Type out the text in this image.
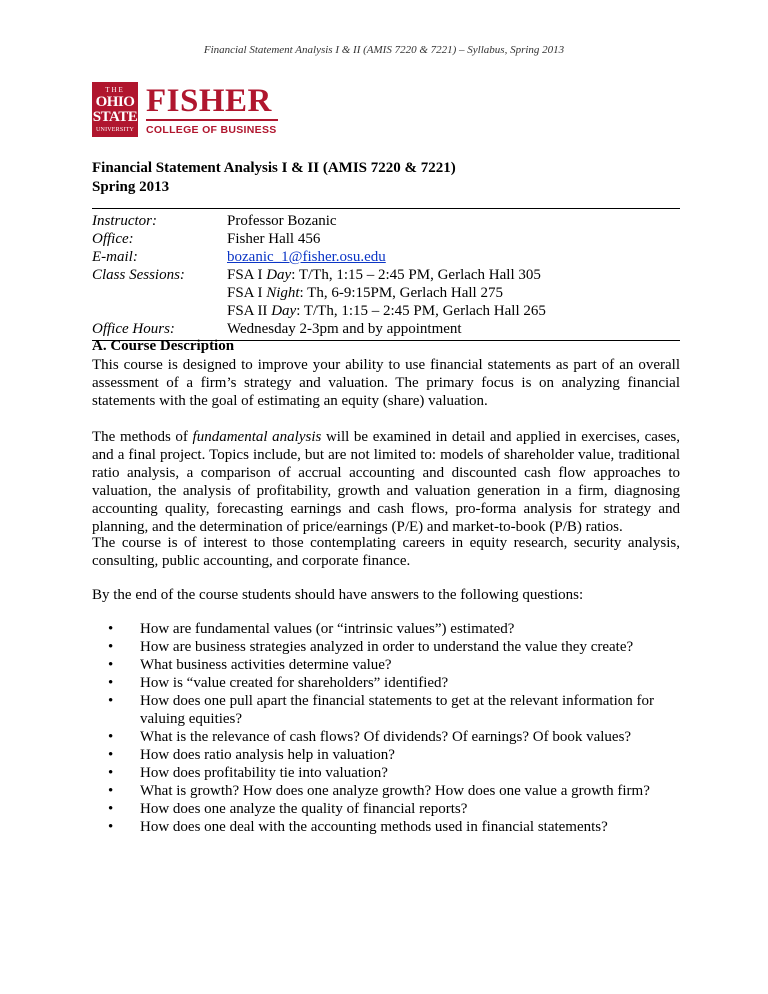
Financial Statement Analysis I & II (AMIS 7220 & 7221) – Syllabus, Spring 2013
THE
OHIO
STATE
UNIVERSITY
FISHER
COLLEGE OF BUSINESS
Financial Statement Analysis I & II (AMIS 7220 & 7221)
Spring 2013
Instructor:	Professor Bozanic
Office:	Fisher Hall 456
E-mail:	bozanic_1@fisher.osu.edu
Class Sessions:	FSA I Day: T/Th, 1:15 – 2:45 PM, Gerlach Hall 305
FSA I Night: Th, 6-9:15PM, Gerlach Hall 275
FSA II Day: T/Th, 1:15 – 2:45 PM, Gerlach Hall 265
Office Hours:	Wednesday 2-3pm and by appointment
A. Course Description
This course is designed to improve your ability to use financial statements as part of an overall assessment of a firm’s strategy and valuation. The primary focus is on analyzing financial statements with the goal of estimating an equity (share) valuation.
The methods of fundamental analysis will be examined in detail and applied in exercises, cases, and a final project. Topics include, but are not limited to: models of shareholder value, traditional ratio analysis, a comparison of accrual accounting and discounted cash flow approaches to valuation, the analysis of profitability, growth and valuation generation in a firm, diagnosing accounting quality, forecasting earnings and cash flows, pro-forma analysis for strategy and planning, and the determination of price/earnings (P/E) and market-to-book (P/B) ratios.
The course is of interest to those contemplating careers in equity research, security analysis, consulting, public accounting, and corporate finance.
By the end of the course students should have answers to the following questions:
• How are fundamental values (or “intrinsic values”) estimated?
• How are business strategies analyzed in order to understand the value they create?
• What business activities determine value?
• How is “value created for shareholders” identified?
• How does one pull apart the financial statements to get at the relevant information for valuing equities?
• What is the relevance of cash flows? Of dividends? Of earnings? Of book values?
• How does ratio analysis help in valuation?
• How does profitability tie into valuation?
• What is growth? How does one analyze growth? How does one value a growth firm?
• How does one analyze the quality of financial reports?
• How does one deal with the accounting methods used in financial statements?
